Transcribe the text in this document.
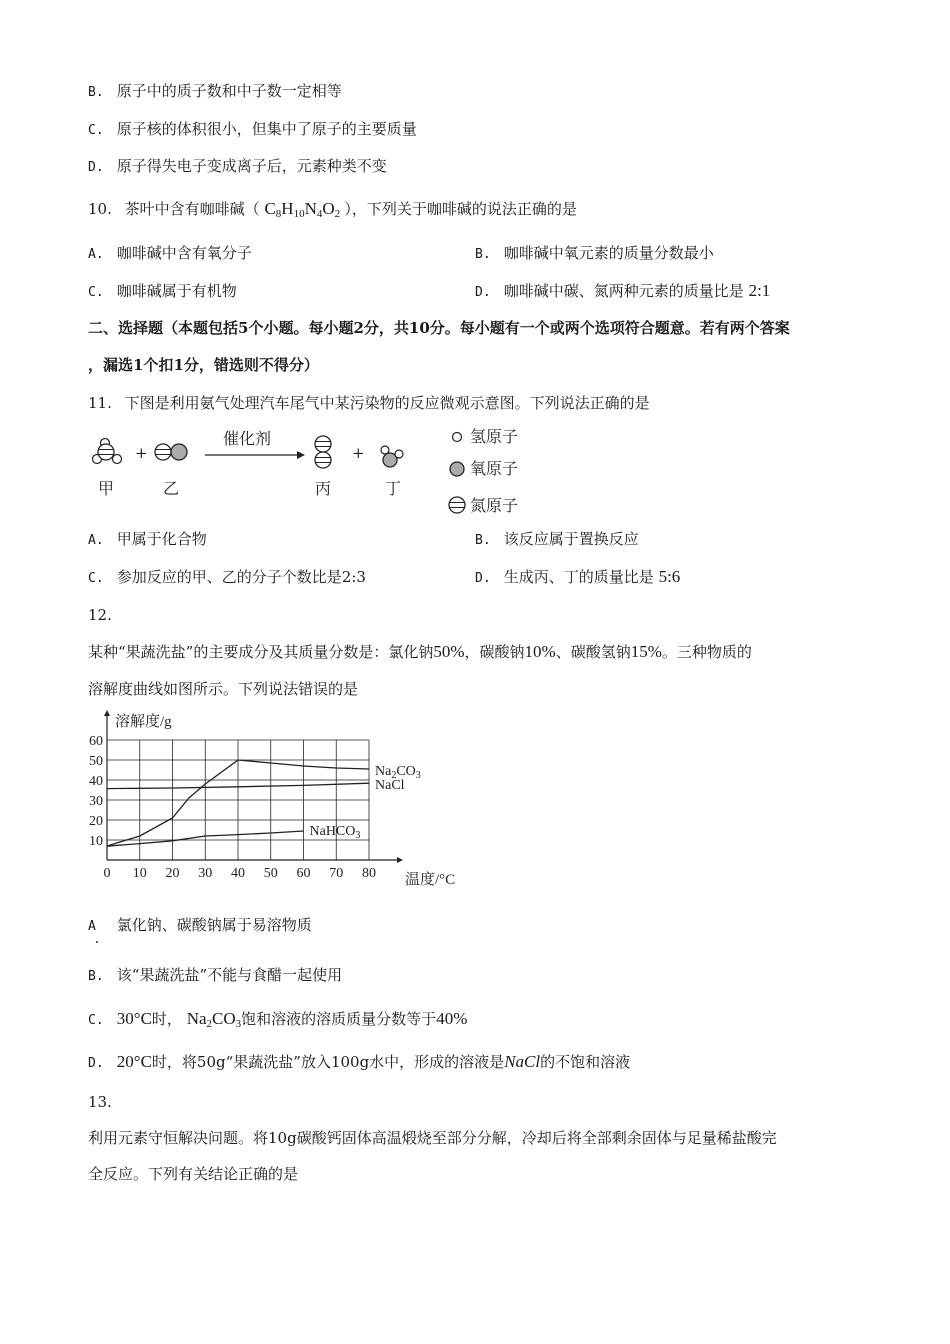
B. 原子中的质子数和中子数一定相等
C. 原子核的体积很小，但集中了原子的主要质量
D. 原子得失电子变成离子后，元素种类不变
10. 茶叶中含有咖啡碱（ $C_8H_{10}N_4O_2$ ），下列关于咖啡碱的说法正确的是
A. 咖啡碱中含有氧分子	B. 咖啡碱中氧元素的质量分数最小
C. 咖啡碱属于有机物	D. 咖啡碱中碳、氮两种元素的质量比是 2:1
二、选择题（本题包括5个小题。每小题2分，共10分。每小题有一个或两个选项符合题意。若有两个答案
，漏选1个扣1分，错选则不得分）
11. 下图是利用氨气处理汽车尾气中某污染物的反应微观示意图。下列说法正确的是
+
催化剂
+
甲	乙	丙	丁
氢原子
氧原子
氮原子
A. 甲属于化合物	B. 该反应属于置换反应
C. 参加反应的甲、乙的分子个数比是2:3	D. 生成丙、丁的质量比是 5:6
12.
某种“果蔬洗盐”的主要成分及其质量分数是：氯化钠50%，碳酸钠10%、碳酸氢钠15%。三种物质的
溶解度曲线如图所示。下列说法错误的是
0 10 20 30 40 50 60 70 80
10
20
30
40
50
60
溶解度/g
温度/°C
$Na_2CO_3$
NaCl
NaHCO$_3$
A 氯化钠、碳酸钠属于易溶物质
B. 该“果蔬洗盐”不能与食醋一起使用
C. 30°C时， $Na_2CO_3$饱和溶液的溶质质量分数等于40%
D. 20°C时，将50g“果蔬洗盐”放入100g水中，形成的溶液是NaCl的不饱和溶液
13.
利用元素守恒解决问题。将10g碳酸钙固体高温煅烧至部分分解，冷却后将全部剩余固体与足量稀盐酸完
全反应。下列有关结论正确的是
